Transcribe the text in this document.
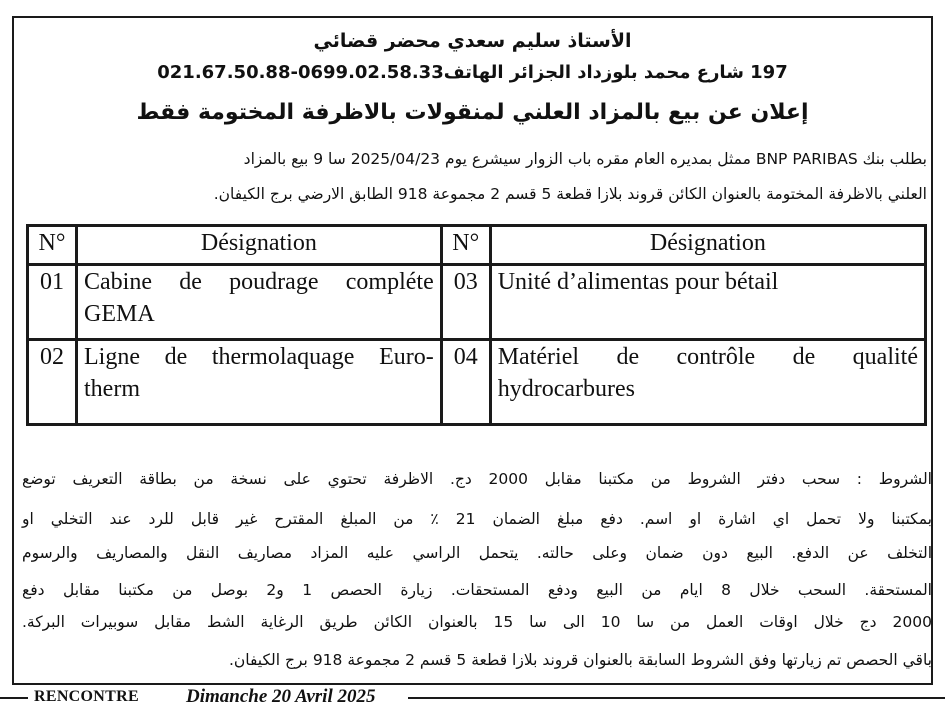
الأستاذ سليم سعدي محضر قضائي
197 شارع محمد بلوزداد الجزائر الهاتف0699.02.58.33-021.67.50.88
إعلان عن بيع بالمزاد العلني لمنقولات بالاظرفة المختومة فقط
بطلب بنك BNP PARIBAS ممثل بمديره العام مقره باب الزوار سيشرع يوم 2025/04/23 سا 9 بيع بالمزاد
العلني بالاظرفة المختومة بالعنوان الكائن قروند بلازا قطعة 5 قسم 2 مجموعة 918 الطابق الارضي برج الكيفان.
N°	Désignation	N°	Désignation
01	Cabine de poudrage compléte GEMA	03	Unité d’alimentas pour bétail
02	Ligne de thermolaquage Euro-therm	04	Matériel de contrôle de qualité hydrocarbures
الشروط : سحب دفتر الشروط من مكتبنا مقابل 2000 دج. الاظرفة تحتوي على نسخة من بطاقة التعريف توضع
بمكتبنا ولا تحمل اي اشارة او اسم. دفع مبلغ الضمان 21 ٪ من المبلغ المقترح غير قابل للرد عند التخلي او
التخلف عن الدفع. البيع دون ضمان وعلى حالته. يتحمل الراسي عليه المزاد مصاريف النقل والمصاريف والرسوم
المستحقة. السحب خلال 8 ايام من البيع ودفع المستحقات. زيارة الحصص 1 و2 بوصل من مكتبنا مقابل دفع
2000 دج خلال اوقات العمل من سا 10 الى سا 15 بالعنوان الكائن طريق الرغاية الشط مقابل سوبيرات البركة.
باقي الحصص تم زيارتها وفق الشروط السابقة بالعنوان قروند بلازا قطعة 5 قسم 2 مجموعة 918 برج الكيفان.
RENCONTRE Dimanche 20 Avril 2025
